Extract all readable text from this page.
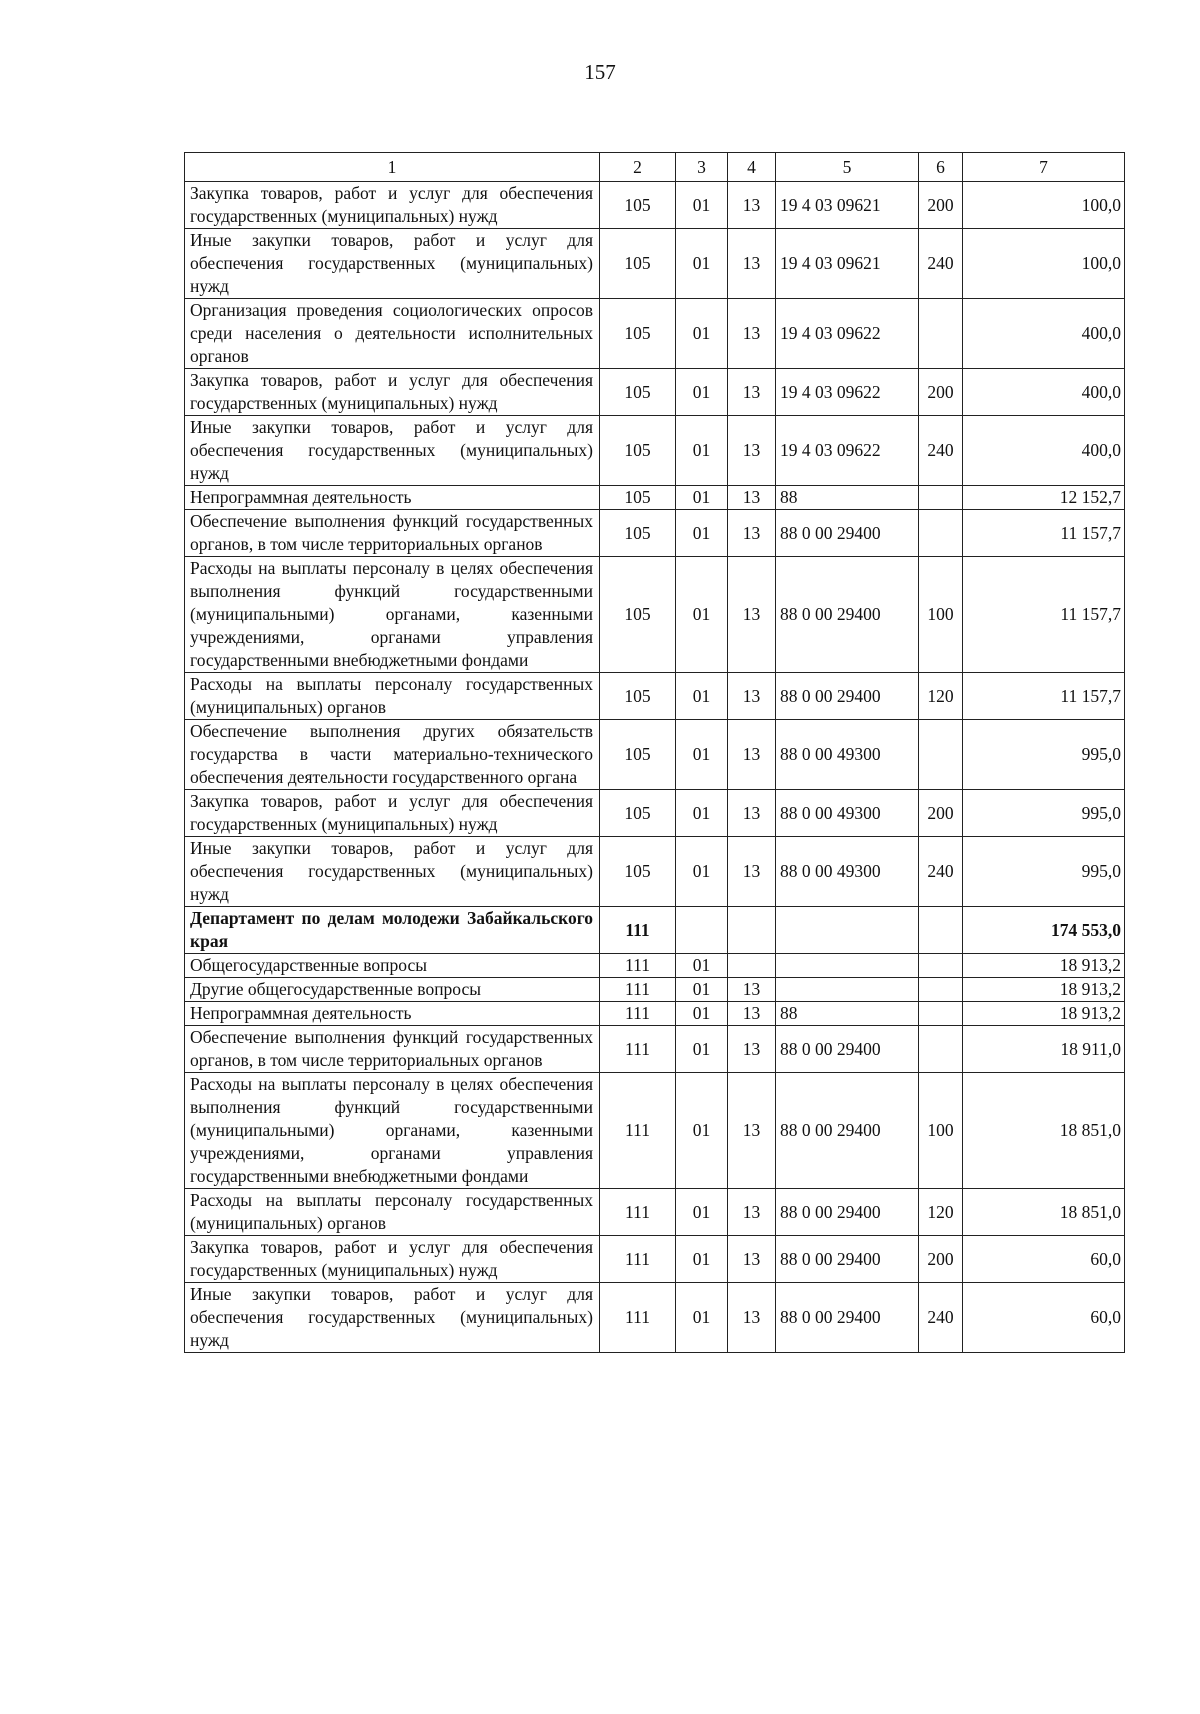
157
1	2	3	4	5	6	7
Закупка товаров, работ и услуг для обеспечения государственных (муниципальных) нужд	105	01	13	19 4 03 09621	200	100,0
Иные закупки товаров, работ и услуг для обеспечения государственных (муниципальных) нужд	105	01	13	19 4 03 09621	240	100,0
Организация проведения социологических опросов среди населения о деятельности исполнительных органов	105	01	13	19 4 03 09622		400,0
Закупка товаров, работ и услуг для обеспечения государственных (муниципальных) нужд	105	01	13	19 4 03 09622	200	400,0
Иные закупки товаров, работ и услуг для обеспечения государственных (муниципальных) нужд	105	01	13	19 4 03 09622	240	400,0
Непрограммная деятельность	105	01	13	88		12 152,7
Обеспечение выполнения функций государственных органов, в том числе территориальных органов	105	01	13	88 0 00 29400		11 157,7
Расходы на выплаты персоналу в целях обеспечения выполнения функций государственными (муниципальными) органами, казенными учреждениями, органами управления государственными внебюджетными фондами	105	01	13	88 0 00 29400	100	11 157,7
Расходы на выплаты персоналу государственных (муниципальных) органов	105	01	13	88 0 00 29400	120	11 157,7
Обеспечение выполнения других обязательств государства в части материально-технического обеспечения деятельности государственного органа	105	01	13	88 0 00 49300		995,0
Закупка товаров, работ и услуг для обеспечения государственных (муниципальных) нужд	105	01	13	88 0 00 49300	200	995,0
Иные закупки товаров, работ и услуг для обеспечения государственных (муниципальных) нужд	105	01	13	88 0 00 49300	240	995,0
Департамент по делам молодежи Забайкальского края	111					174 553,0
Общегосударственные вопросы	111	01				18 913,2
Другие общегосударственные вопросы	111	01	13			18 913,2
Непрограммная деятельность	111	01	13	88		18 913,2
Обеспечение выполнения функций государственных органов, в том числе территориальных органов	111	01	13	88 0 00 29400		18 911,0
Расходы на выплаты персоналу в целях обеспечения выполнения функций государственными (муниципальными) органами, казенными учреждениями, органами управления государственными внебюджетными фондами	111	01	13	88 0 00 29400	100	18 851,0
Расходы на выплаты персоналу государственных (муниципальных) органов	111	01	13	88 0 00 29400	120	18 851,0
Закупка товаров, работ и услуг для обеспечения государственных (муниципальных) нужд	111	01	13	88 0 00 29400	200	60,0
Иные закупки товаров, работ и услуг для обеспечения государственных (муниципальных) нужд	111	01	13	88 0 00 29400	240	60,0
